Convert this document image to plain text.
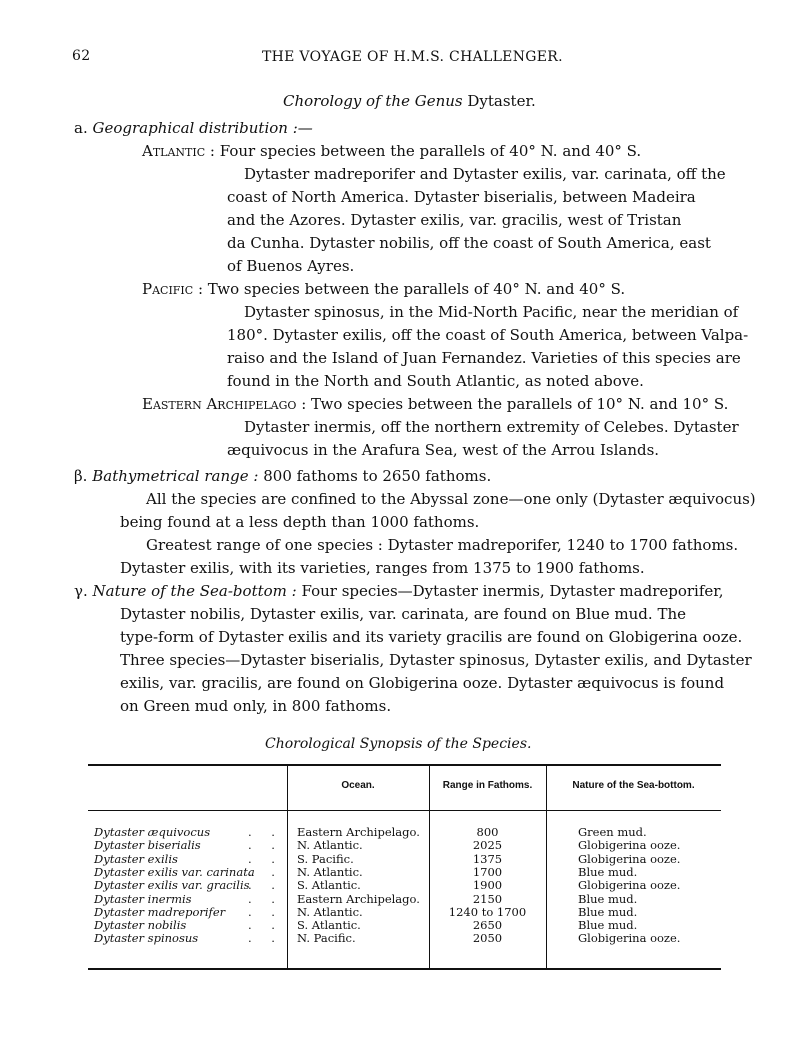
62	THE VOYAGE OF H.M.S. CHALLENGER.
Chorology of the Genus Dytaster.
a. Geographical distribution :—
Atlantic : Four species between the parallels of 40° N. and 40° S.
Dytaster madreporifer and Dytaster exilis, var. carinata, off the
coast of North America. Dytaster biserialis, between Madeira
and the Azores. Dytaster exilis, var. gracilis, west of Tristan
da Cunha. Dytaster nobilis, off the coast of South America, east
of Buenos Ayres.
Pacific : Two species between the parallels of 40° N. and 40° S.
Dytaster spinosus, in the Mid-North Pacific, near the meridian of
180°. Dytaster exilis, off the coast of South America, between Valpa-
raiso and the Island of Juan Fernandez. Varieties of this species are
found in the North and South Atlantic, as noted above.
Eastern Archipelago : Two species between the parallels of 10° N. and 10° S.
Dytaster inermis, off the northern extremity of Celebes. Dytaster
æquivocus in the Arafura Sea, west of the Arrou Islands.
β. Bathymetrical range : 800 fathoms to 2650 fathoms.
All the species are confined to the Abyssal zone—one only (Dytaster æquivocus)
being found at a less depth than 1000 fathoms.
Greatest range of one species : Dytaster madreporifer, 1240 to 1700 fathoms.
Dytaster exilis, with its varieties, ranges from 1375 to 1900 fathoms.
γ. Nature of the Sea-bottom : Four species—Dytaster inermis, Dytaster madreporifer,
Dytaster nobilis, Dytaster exilis, var. carinata, are found on Blue mud. The
type-form of Dytaster exilis and its variety gracilis are found on Globigerina ooze.
Three species—Dytaster biserialis, Dytaster spinosus, Dytaster exilis, and Dytaster
exilis, var. gracilis, are found on Globigerina ooze. Dytaster æquivocus is found
on Green mud only, in 800 fathoms.
Chorological Synopsis of the Species.
Ocean.	Range in Fathoms.	Nature of the Sea-bottom.
Dytaster æquivocus	. . Eastern Archipelago.	800	Green mud.
Dytaster biserialis	. . N. Atlantic.	2025	Globigerina ooze.
Dytaster exilis	. . S. Pacific.	1375	Globigerina ooze.
Dytaster exilis var. carinata
. . N. Atlantic.	1700	Blue mud.
Dytaster exilis var. gracilis
. . S. Atlantic.	1900	Globigerina ooze.
Dytaster inermis	. . Eastern Archipelago.	2150	Blue mud.
Dytaster madreporifer . . N. Atlantic.	1240 to 1700	Blue mud.
Dytaster nobilis	. . S. Atlantic.	2650	Blue mud.
Dytaster spinosus	. . N. Pacific.	2050	Globigerina ooze.
